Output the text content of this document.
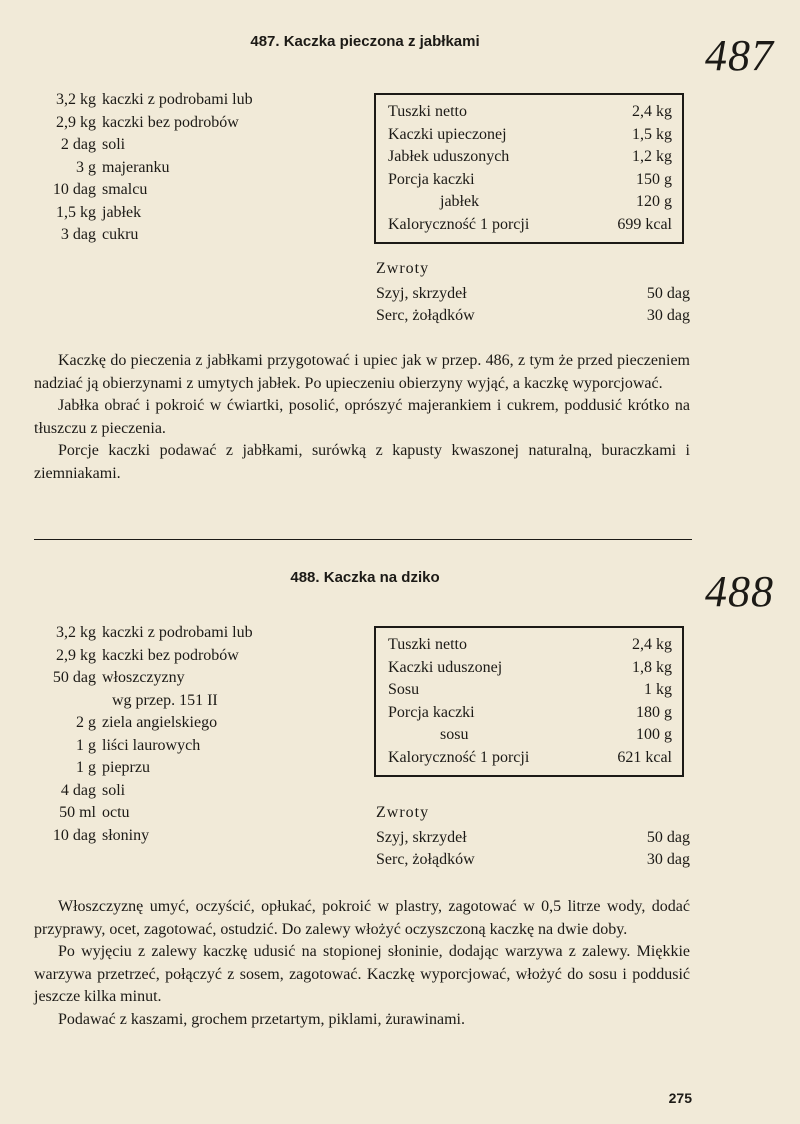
487. Kaczka pieczona z jabłkami	487
3,2 kg kaczki z podrobami lub
2,9 kg kaczki bez podrobów
2 dag soli
3 g majeranku
10 dag smalcu
1,5 kg jabłek
3 dag cukru
Tuszki netto	2,4 kg
Kaczki upieczonej	1,5 kg
Jabłek uduszonych	1,2 kg
Porcja kaczki	150 g
jabłek	120 g
Kaloryczność 1 porcji	699 kcal
Zwroty
Szyj, skrzydeł	50 dag
Serc, żołądków	30 dag

Kaczkę do pieczenia z jabłkami przygotować i upiec jak w przep. 486, z tym że przed pieczeniem nadziać ją obierzynami z umytych jabłek. Po upieczeniu obierzyny wyjąć, a kaczkę wyporcjować.

Jabłka obrać i pokroić w ćwiartki, posolić, oprószyć majerankiem i cukrem, poddusić krótko na tłuszczu z pieczenia.

Porcje kaczki podawać z jabłkami, surówką z kapusty kwaszonej naturalną, buraczkami i ziemniakami.

488. Kaczka na dziko	488
3,2 kg kaczki z podrobami lub
2,9 kg kaczki bez podrobów
50 dag włoszczyzny
wg przep. 151 II
2 g ziela angielskiego
1 g liści laurowych
1 g pieprzu
4 dag soli
50 ml octu
10 dag słoniny
Tuszki netto	2,4 kg
Kaczki uduszonej	1,8 kg
Sosu	1 kg
Porcja kaczki	180 g
sosu	100 g
Kaloryczność 1 porcji	621 kcal
Zwroty
Szyj, skrzydeł	50 dag
Serc, żołądków	30 dag

Włoszczyznę umyć, oczyścić, opłukać, pokroić w plastry, zagotować w 0,5 litrze wody, dodać przyprawy, ocet, zagotować, ostudzić. Do zalewy włożyć oczyszczoną kaczkę na dwie doby.

Po wyjęciu z zalewy kaczkę udusić na stopionej słoninie, dodając warzywa z zalewy. Miękkie warzywa przetrzeć, połączyć z sosem, zagotować. Kaczkę wyporcjować, włożyć do sosu i poddusić jeszcze kilka minut.

Podawać z kaszami, grochem przetartym, piklami, żurawinami.

275
